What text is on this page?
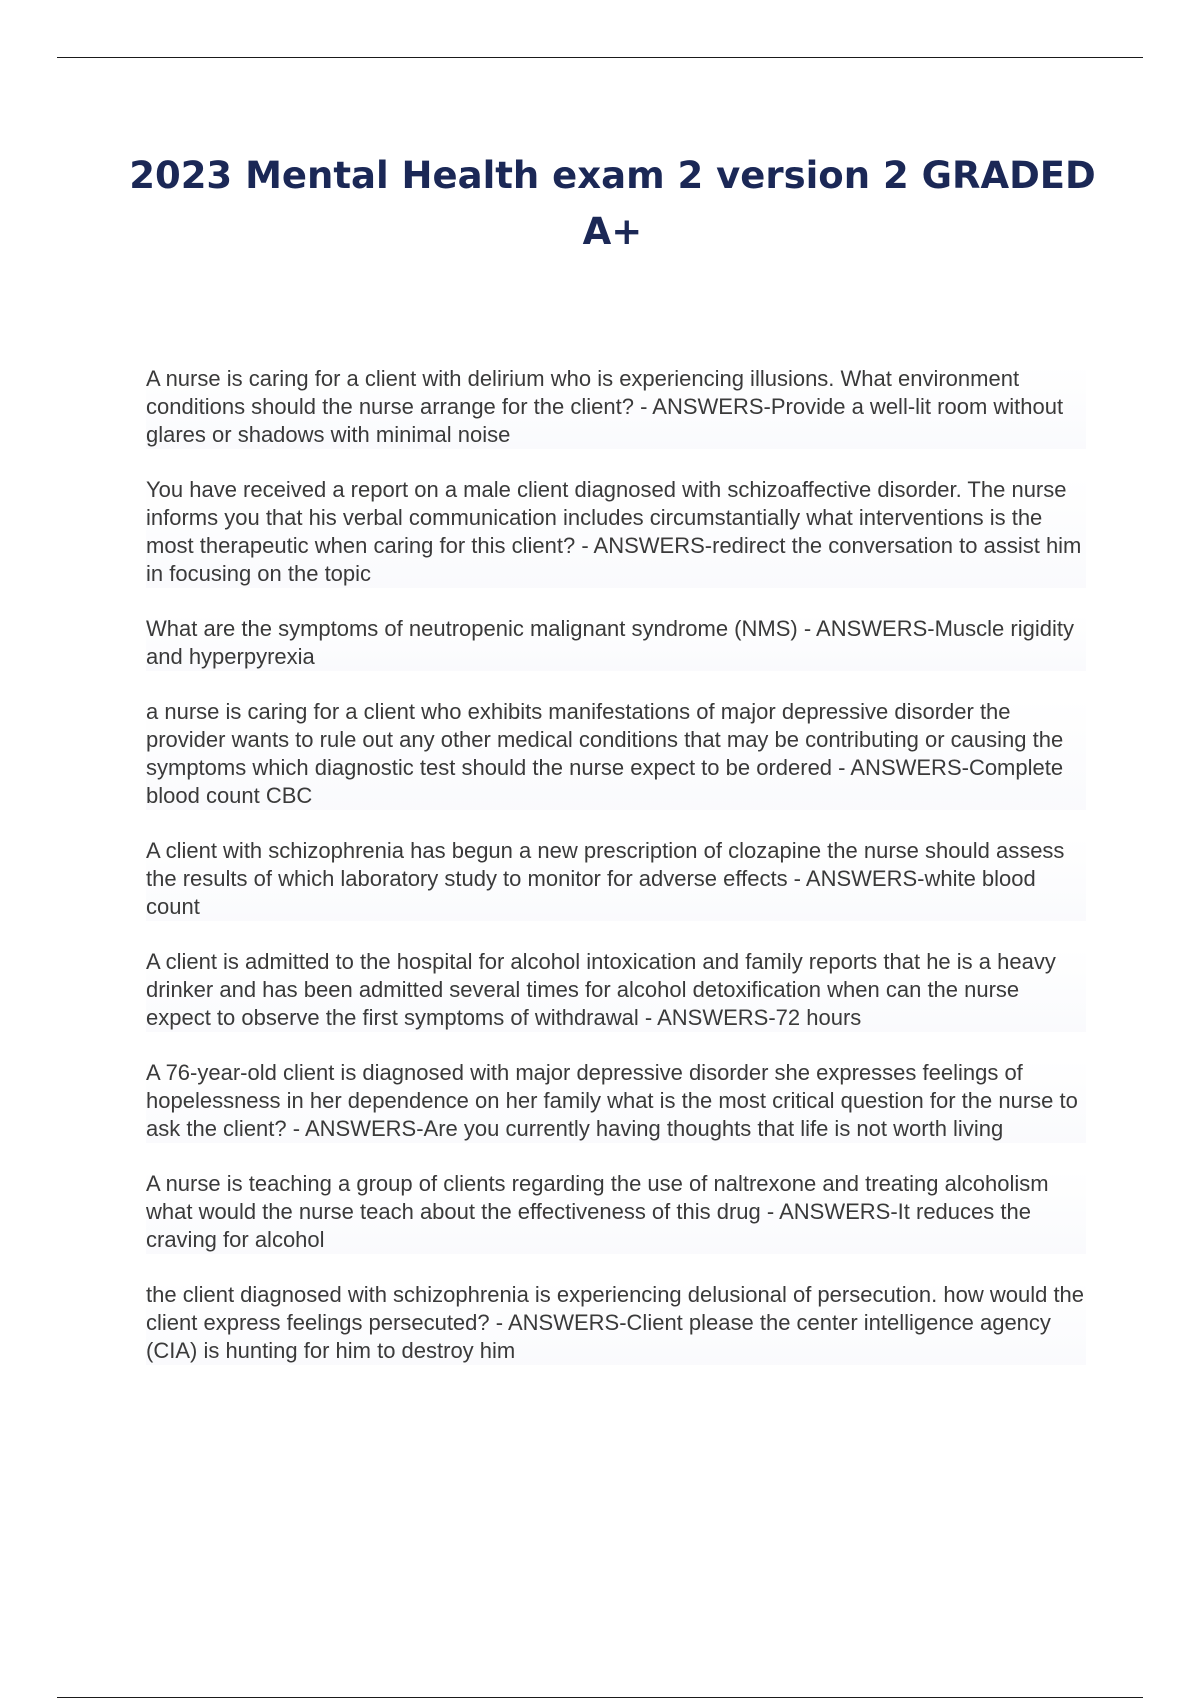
2023 Mental Health exam 2 version 2 GRADED A+
A nurse is caring for a client with delirium who is experiencing illusions. What environment conditions should the nurse arrange for the client? - ANSWERS-Provide a well-lit room without glares or shadows with minimal noise
You have received a report on a male client diagnosed with schizoaffective disorder. The nurse informs you that his verbal communication includes circumstantially what interventions is the most therapeutic when caring for this client? - ANSWERS-redirect the conversation to assist him in focusing on the topic
What are the symptoms of neutropenic malignant syndrome (NMS) - ANSWERS-Muscle rigidity and hyperpyrexia
a nurse is caring for a client who exhibits manifestations of major depressive disorder the provider wants to rule out any other medical conditions that may be contributing or causing the symptoms which diagnostic test should the nurse expect to be ordered - ANSWERS-Complete blood count CBC
A client with schizophrenia has begun a new prescription of clozapine the nurse should assess the results of which laboratory study to monitor for adverse effects - ANSWERS-white blood count
A client is admitted to the hospital for alcohol intoxication and family reports that he is a heavy drinker and has been admitted several times for alcohol detoxification when can the nurse expect to observe the first symptoms of withdrawal - ANSWERS-72 hours
A 76-year-old client is diagnosed with major depressive disorder she expresses feelings of hopelessness in her dependence on her family what is the most critical question for the nurse to ask the client? - ANSWERS-Are you currently having thoughts that life is not worth living
A nurse is teaching a group of clients regarding the use of naltrexone and treating alcoholism what would the nurse teach about the effectiveness of this drug - ANSWERS-It reduces the craving for alcohol
the client diagnosed with schizophrenia is experiencing delusional of persecution. how would the client express feelings persecuted? - ANSWERS-Client please the center intelligence agency (CIA) is hunting for him to destroy him
